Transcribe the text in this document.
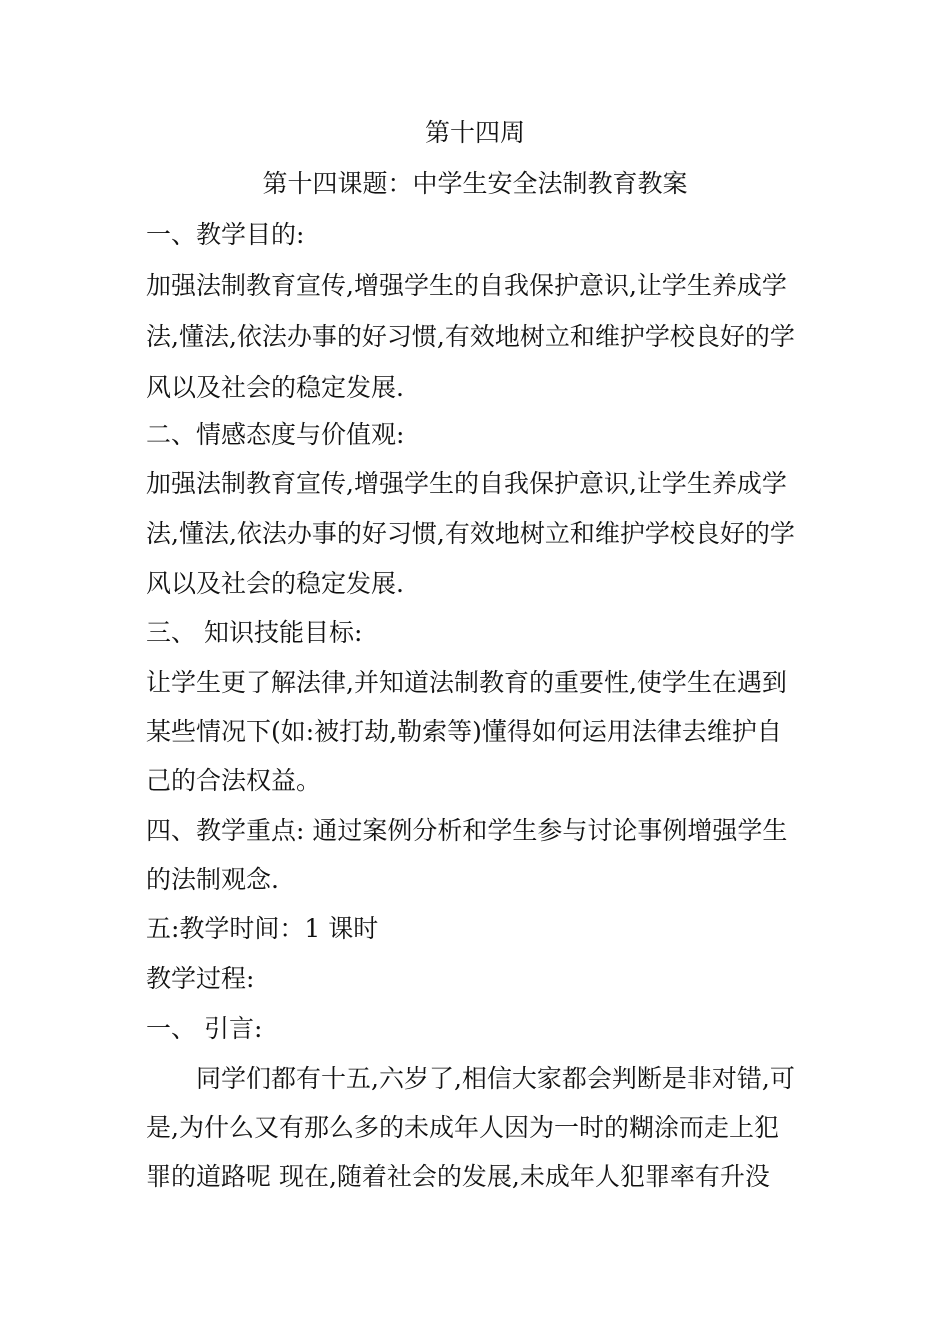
第十四周
第十四课题：中学生安全法制教育教案
一、教学目的:
加强法制教育宣传,增强学生的自我保护意识,让学生养成学
法,懂法,依法办事的好习惯,有效地树立和维护学校良好的学
风以及社会的稳定发展.
二、情感态度与价值观:
加强法制教育宣传,增强学生的自我保护意识,让学生养成学
法,懂法,依法办事的好习惯,有效地树立和维护学校良好的学
风以及社会的稳定发展.
三、 知识技能目标:
让学生更了解法律,并知道法制教育的重要性,使学生在遇到
某些情况下(如:被打劫,勒索等)懂得如何运用法律去维护自
己的合法权益。
四、教学重点: 通过案例分析和学生参与讨论事例增强学生
的法制观念.
五:教学时间：1 课时
教学过程:
一、 引言:
同学们都有十五,六岁了,相信大家都会判断是非对错,可
是,为什么又有那么多的未成年人因为一时的糊涂而走上犯
罪的道路呢 现在,随着社会的发展,未成年人犯罪率有升没
